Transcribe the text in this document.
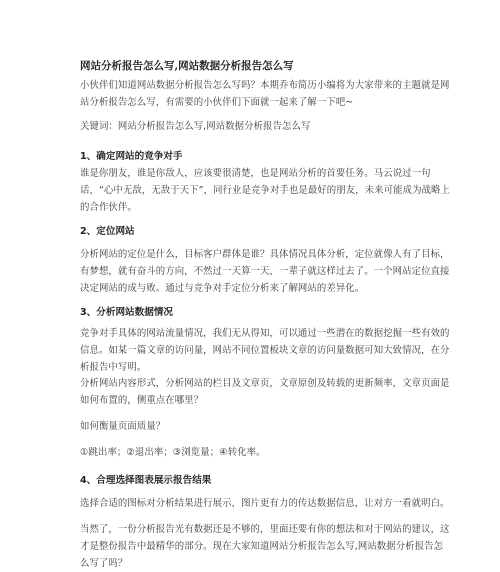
网站分析报告怎么写,网站数据分析报告怎么写
小伙伴们知道网站数据分析报告怎么写吗？本期乔布简历小编将为大家带来的主题就是网站分析报告怎么写，有需要的小伙伴们下面就一起来了解一下吧~
关键词：网站分析报告怎么写,网站数据分析报告怎么写
1、确定网站的竞争对手
谁是你朋友，谁是你敌人，应该要很清楚，也是网站分析的首要任务。马云说过一句话，“心中无敌，无敌于天下”，同行业是竞争对手也是最好的朋友，未来可能成为战略上的合作伙伴。
2、定位网站
分析网站的定位是什么，目标客户群体是谁？具体情况具体分析，定位就像人有了目标，有梦想，就有奋斗的方向，不然过一天算一天，一辈子就这样过去了。一个网站定位直接决定网站的成与败。通过与竞争对手定位分析来了解网站的差异化。
3、分析网站数据情况
竞争对手具体的网站流量情况，我们无从得知，可以通过一些潜在的数据挖掘一些有效的信息。如某一篇文章的访问量，网站不同位置板块文章的访问量数据可知大致情况，在分析报告中写明。
分析网站内容形式，分析网站的栏目及文章页，文章原创及转载的更新频率，文章页面是如何布置的，侧重点在哪里？
如何衡量页面质量？
①跳出率；②退出率；③浏览量；④转化率。
4、合理选择图表展示报告结果
选择合适的图标对分析结果进行展示，图片更有力的传达数据信息，让对方一看就明白。
当然了，一份分析报告光有数据还是不够的，里面还要有你的想法和对于网站的建议，这才是整份报告中最精华的部分。现在大家知道网站分析报告怎么写,网站数据分析报告怎么写了吗？
